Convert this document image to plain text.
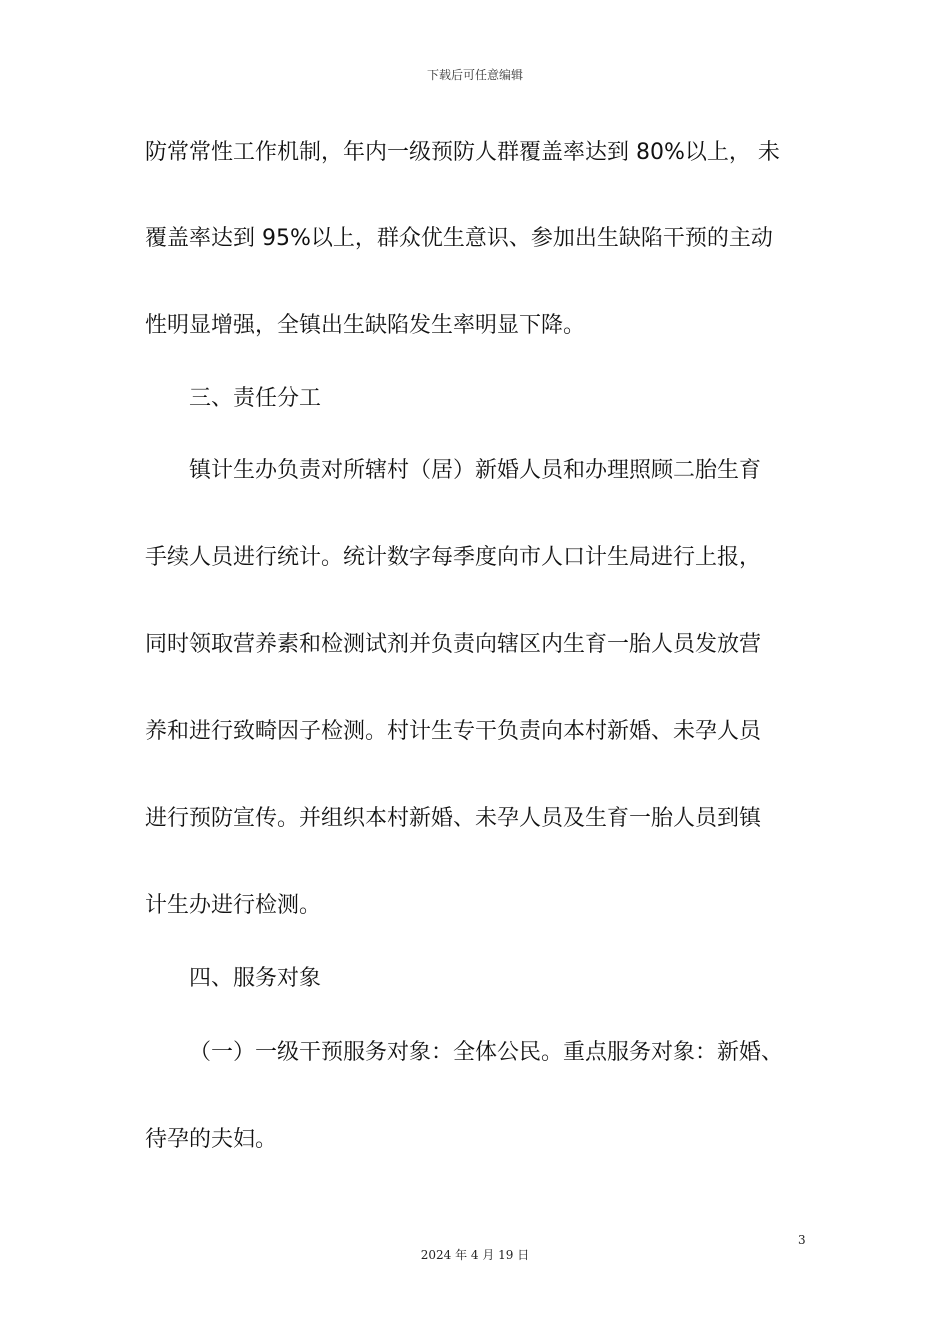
下载后可任意编辑
防常常性工作机制，年内一级预防人群覆盖率达到 80%以上， 未
覆盖率达到 95%以上，群众优生意识、参加出生缺陷干预的主动
性明显增强，全镇出生缺陷发生率明显下降。
三、责任分工
镇计生办负责对所辖村（居）新婚人员和办理照顾二胎生育
手续人员进行统计。统计数字每季度向市人口计生局进行上报，
同时领取营养素和检测试剂并负责向辖区内生育一胎人员发放营
养和进行致畸因子检测。村计生专干负责向本村新婚、未孕人员
进行预防宣传。并组织本村新婚、未孕人员及生育一胎人员到镇
计生办进行检测。
四、服务对象
（一）一级干预服务对象：全体公民。重点服务对象：新婚、
待孕的夫妇。
3
2024 年 4 月 19 日
